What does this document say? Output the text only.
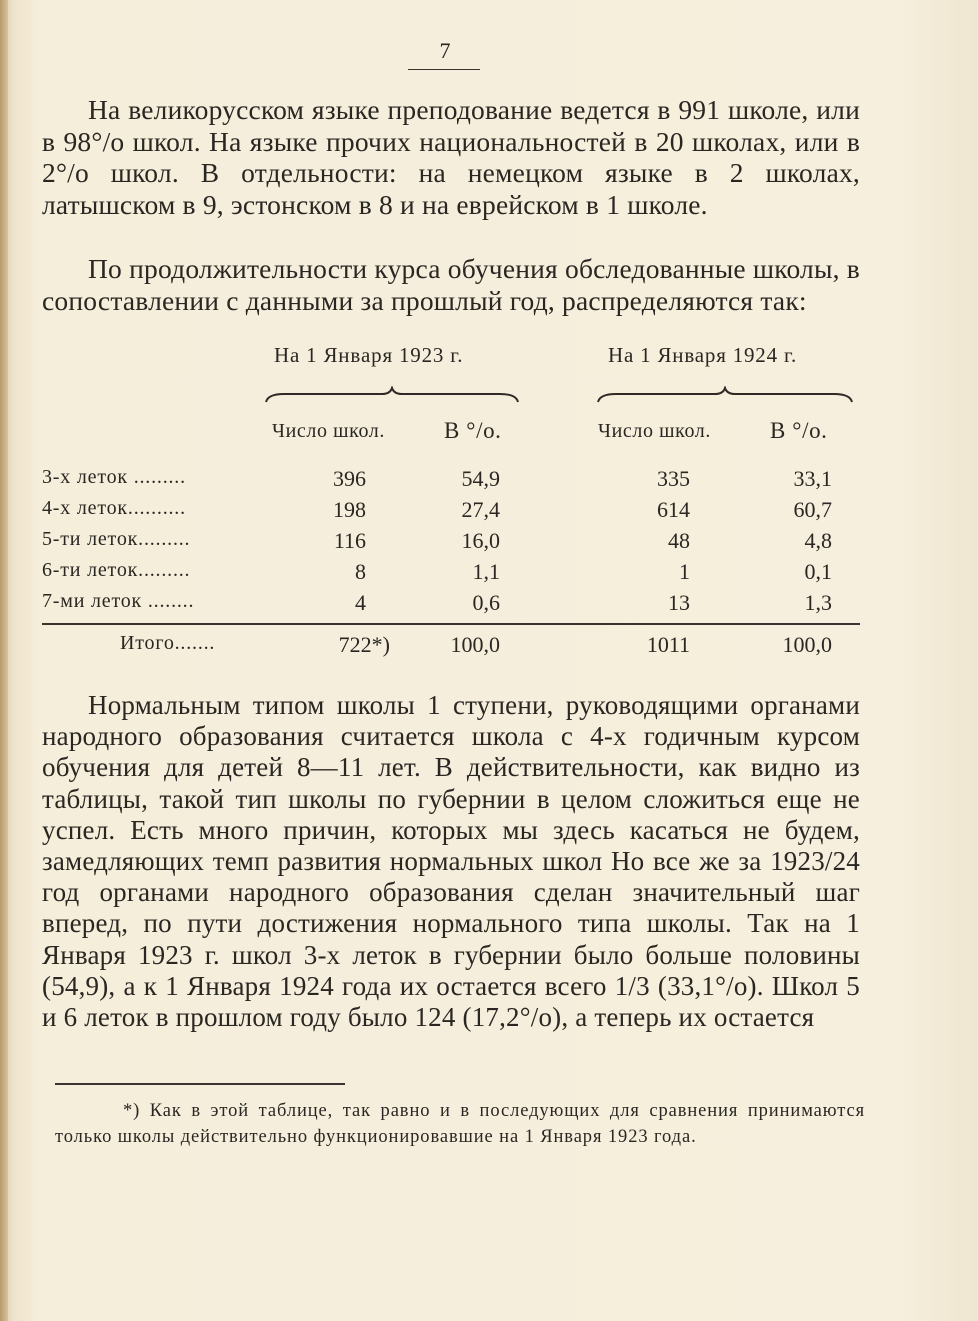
7
На великорусском языке преподование ведется в 991 школе, или в 98°/о школ. На языке прочих национальностей в 20 школах, или в 2°/о школ. В отдельности: на немецком языке в 2 школах, латышском в 9, эстонском в 8 и на еврейском в 1 школе.
По продолжительности курса обучения обследованные школы, в сопоставлении с данными за прошлый год, распределяются так:
На 1 Янвapя 1923 г.	На 1 Января 1924 г.
Число школ.	В °/o.	Число школ.	В °/o.
3-х леток .........	396	54,9	335	33,1
4-х леток..........	198	27,4	614	60,7
5-ти леток.........	116	16,0	48	4,8
6-ти леток.........	8	1,1	1	0,1
7-ми леток ........	4	0,6	13	1,3
Итого.......	722*)	100,0	1011	100,0
Нормальным типом школы 1 ступени, руководящими органами народного образования считается школа с 4-х годичным курсом обучения для детей 8—11 лет. В действительности, как видно из таблицы, такой тип школы по губернии в целом сложиться еще не успел. Есть много причин, которых мы здесь касаться не будем, замедляющих темп развития нормальных школ Но все же за 1923/24 год органами народного образования сделан значительный шаг вперед, по пути достижения нормального типа школы. Так на 1 Января 1923 г. школ 3-х леток в губернии было больше половины (54,9), а к 1 Января 1924 года их остается всего 1/3 (33,1°/о). Школ 5 и 6 леток в прошлом году было 124 (17,2°/о), а теперь их остается
*) Как в этой таблице, так равно и в последующих для сравнения принимаются только школы действительно функционировавшие на 1 Января 1923 года.
